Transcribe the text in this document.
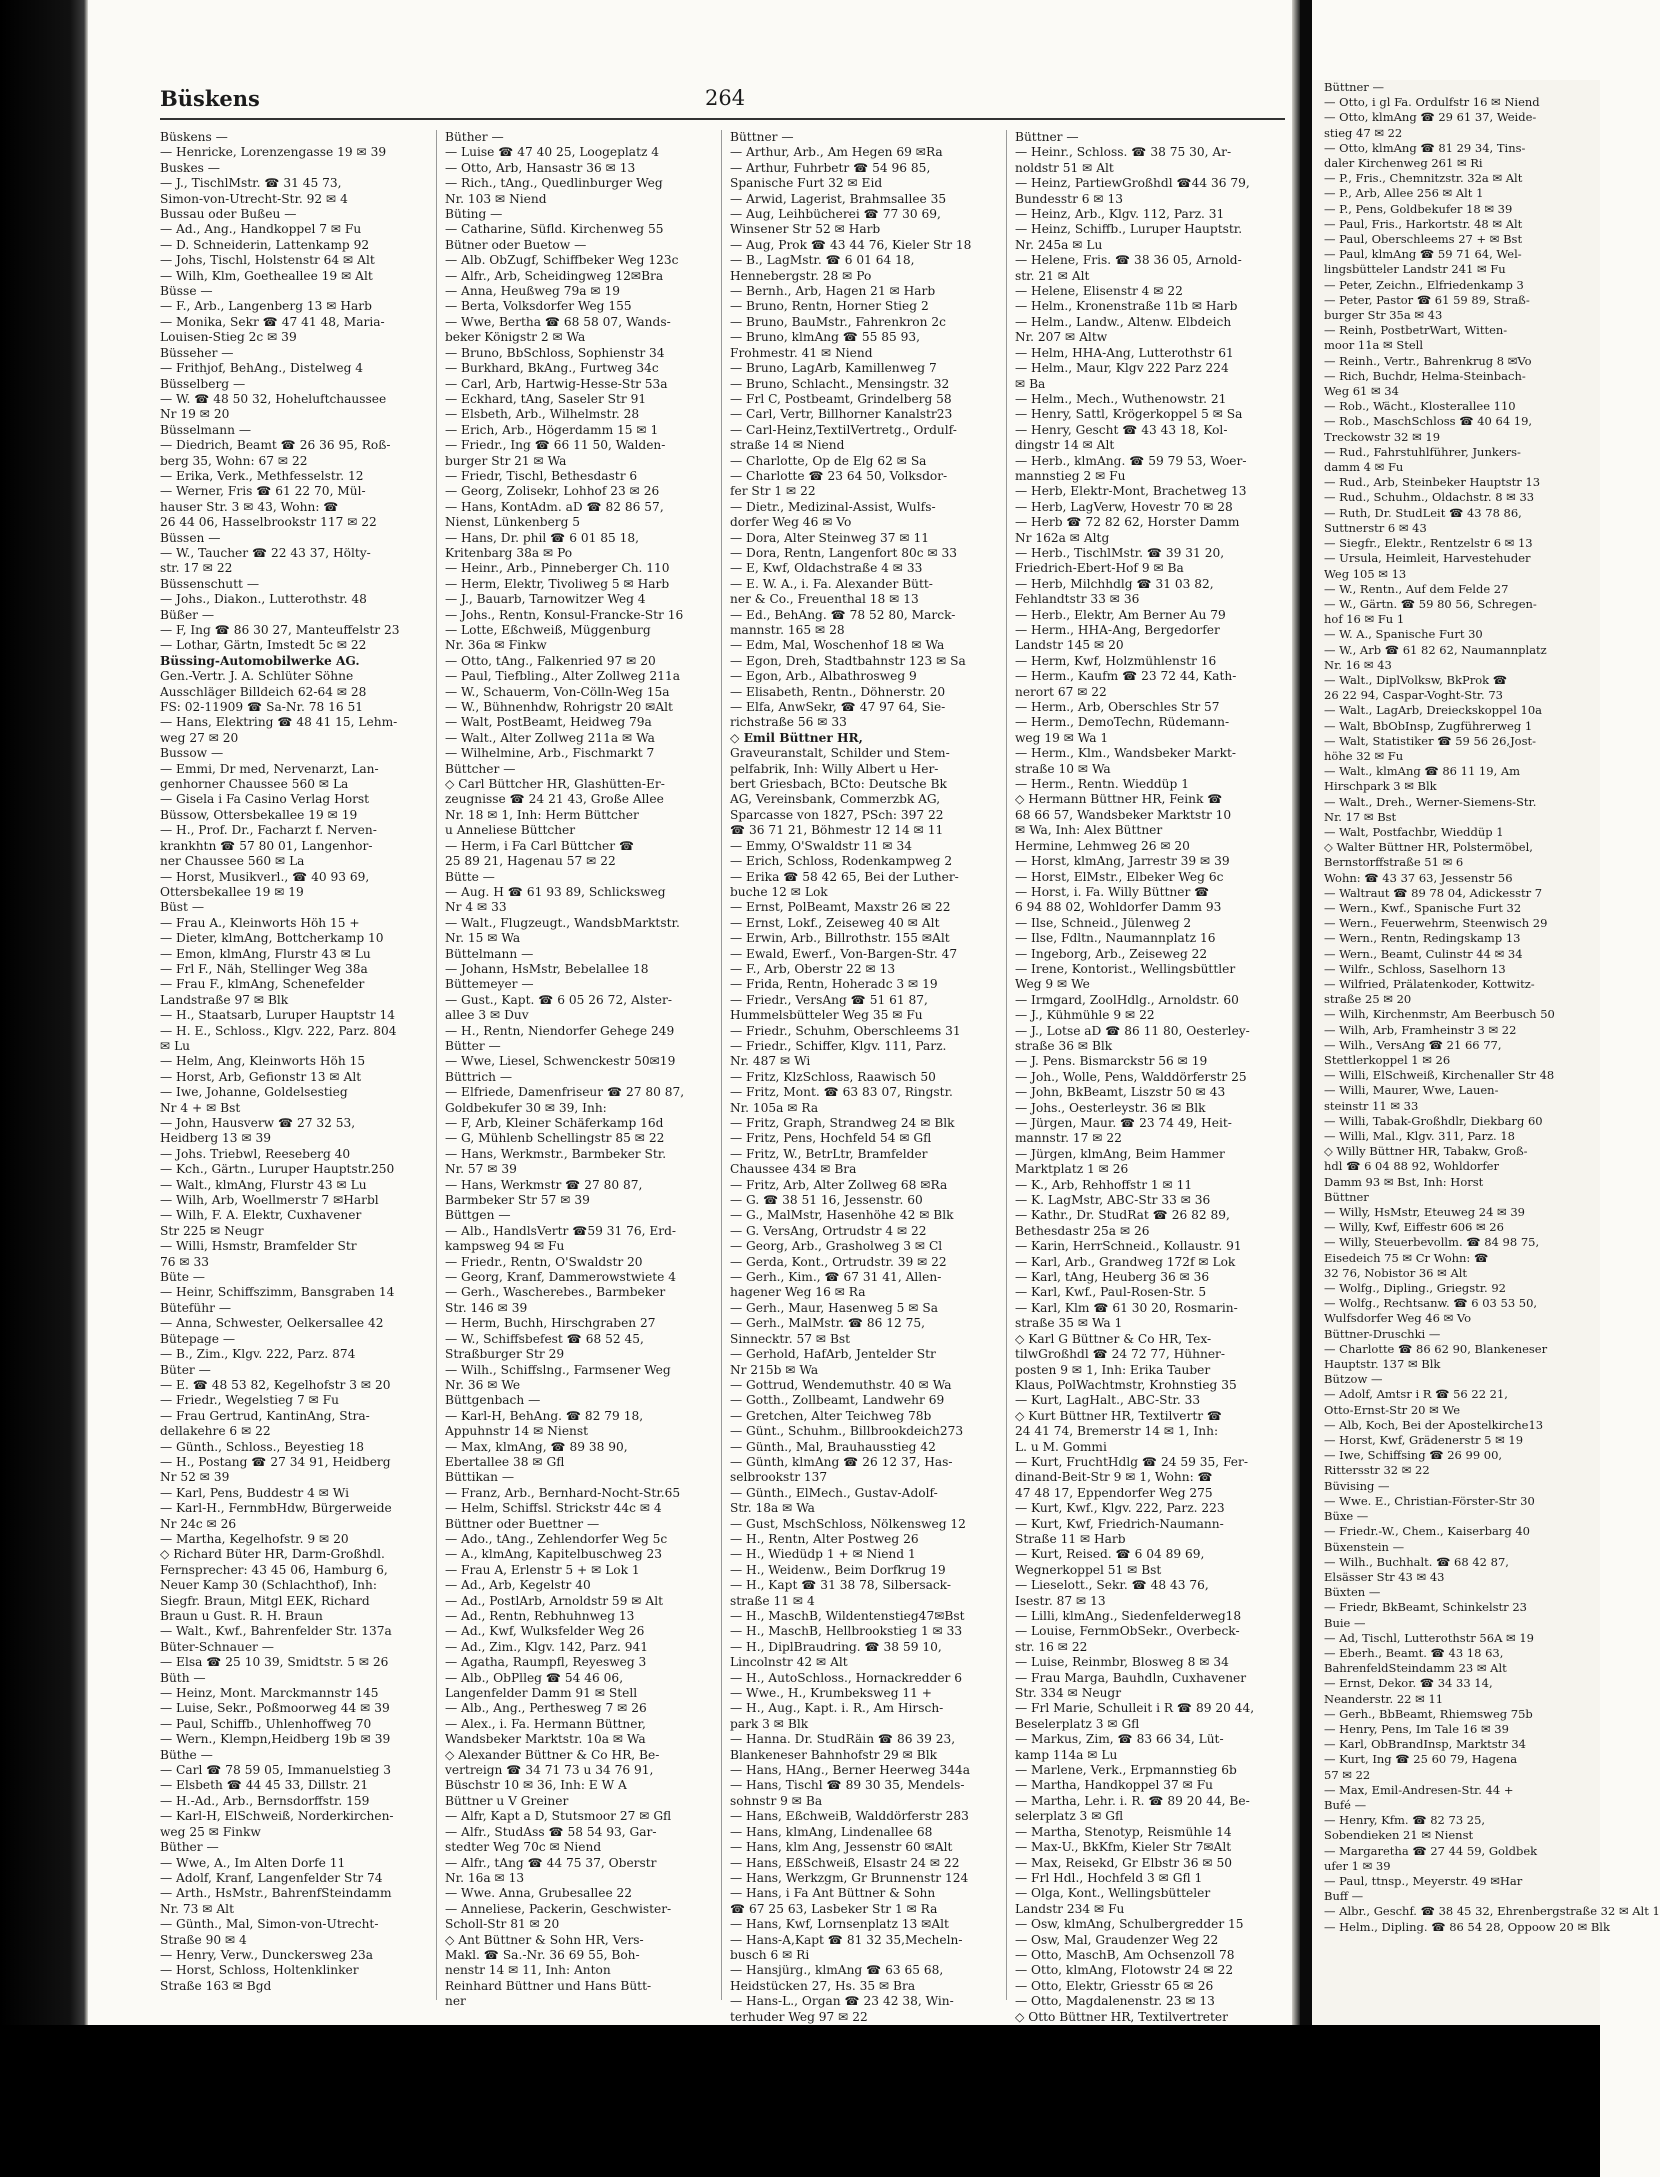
Büskens	264
Büskens —
— Henricke, Lorenzengasse 19 ✉ 39
Buskes —
— J., TischlMstr. ☎ 31 45 73,
Simon-von-Utrecht-Str. 92 ✉ 4
Bussau oder Bußeu —
— Ad., Ang., Handkoppel 7 ✉ Fu
— D. Schneiderin, Lattenkamp 92
— Johs, Tischl, Holstenstr 64 ✉ Alt
— Wilh, Klm, Goetheallee 19 ✉ Alt
Büsse —
— F., Arb., Langenberg 13 ✉ Harb
— Monika, Sekr ☎ 47 41 48, Maria-
Louisen-Stieg 2c ✉ 39
Büsseher —
— Frithjof, BehAng., Distelweg 4
Büsselberg —
— W. ☎ 48 50 32, Hoheluftchaussee
Nr 19 ✉ 20
Büsselmann —
— Diedrich, Beamt ☎ 26 36 95, Roß-
berg 35, Wohn: 67 ✉ 22
— Erika, Verk., Methfesselstr. 12
— Werner, Fris ☎ 61 22 70, Mül-
hauser Str. 3 ✉ 43, Wohn: ☎
26 44 06, Hasselbrookstr 117 ✉ 22
Büssen —
— W., Taucher ☎ 22 43 37, Hölty-
str. 17 ✉ 22
Büssenschutt —
— Johs., Diakon., Lutterothstr. 48
Büßer —
— F, Ing ☎ 86 30 27, Manteuffelstr 23
— Lothar, Gärtn, Imstedt 5c ✉ 22
Büssing-Automobilwerke AG.
Gen.-Vertr. J. A. Schlüter Söhne
Ausschläger Billdeich 62-64 ✉ 28
FS: 02-11909 ☎ Sa-Nr. 78 16 51
— Hans, Elektring ☎ 48 41 15, Lehm-
weg 27 ✉ 20
Bussow —
— Emmi, Dr med, Nervenarzt, Lan-
genhorner Chaussee 560 ✉ La
— Gisela i Fa Casino Verlag Horst
Büssow, Ottersbekallee 19 ✉ 19
— H., Prof. Dr., Facharzt f. Nerven-
krankhtn ☎ 57 80 01, Langenhor-
ner Chaussee 560 ✉ La
— Horst, Musikverl., ☎ 40 93 69,
Ottersbekallee 19 ✉ 19
Büst —
— Frau A., Kleinworts Höh 15 +
— Dieter, klmAng, Bottcherkamp 10
— Emon, klmAng, Flurstr 43 ✉ Lu
— Frl F., Näh, Stellinger Weg 38a
— Frau F., klmAng, Schenefelder
Landstraße 97 ✉ Blk
— H., Staatsarb, Luruper Hauptstr 14
— H. E., Schloss., Klgv. 222, Parz. 804
✉ Lu
— Helm, Ang, Kleinworts Höh 15
— Horst, Arb, Gefionstr 13 ✉ Alt
— Iwe, Johanne, Goldelsestieg
Nr 4 + ✉ Bst
— John, Hausverw ☎ 27 32 53,
Heidberg 13 ✉ 39
— Johs. Triebwl, Reeseberg 40
— Kch., Gärtn., Luruper Hauptstr.250
— Walt., klmAng, Flurstr 43 ✉ Lu
— Wilh, Arb, Woellmerstr 7 ✉Harbl
— Wilh, F. A. Elektr, Cuxhavener
Str 225 ✉ Neugr
— Willi, Hsmstr, Bramfelder Str
76 ✉ 33
Büte —
— Heinr, Schiffszimm, Bansgraben 14
Büteführ —
— Anna, Schwester, Oelkersallee 42
Bütepage —
— B., Zim., Klgv. 222, Parz. 874
Büter —
— E. ☎ 48 53 82, Kegelhofstr 3 ✉ 20
— Friedr., Wegelstieg 7 ✉ Fu
— Frau Gertrud, KantinAng, Stra-
dellakehre 6 ✉ 22
— Günth., Schloss., Beyestieg 18
— H., Postang ☎ 27 34 91, Heidberg
Nr 52 ✉ 39
— Karl, Pens, Buddestr 4 ✉ Wi
— Karl-H., FernmbHdw, Bürgerweide
Nr 24c ✉ 26
— Martha, Kegelhofstr. 9 ✉ 20
◇ Richard Büter HR, Darm-Großhdl.
Fernsprecher: 43 45 06, Hamburg 6,
Neuer Kamp 30 (Schlachthof), Inh:
Siegfr. Braun, Mitgl EEK, Richard
Braun u Gust. R. H. Braun
— Walt., Kwf., Bahrenfelder Str. 137a
Büter-Schnauer —
— Elsa ☎ 25 10 39, Smidtstr. 5 ✉ 26
Büth —
— Heinz, Mont. Marckmannstr 145
— Luise, Sekr., Poßmoorweg 44 ✉ 39
— Paul, Schiffb., Uhlenhoffweg 70
— Wern., Klempn,Heidberg 19b ✉ 39
Büthe —
— Carl ☎ 78 59 05, Immanuelstieg 3
— Elsbeth ☎ 44 45 33, Dillstr. 21
— H.-Ad., Arb., Bernsdorffstr. 159
— Karl-H, ElSchweiß, Norderkirchen-
weg 25 ✉ Finkw
Büther —
— Wwe, A., Im Alten Dorfe 11
— Adolf, Kranf, Langenfelder Str 74
— Arth., HsMstr., BahrenfSteindamm
Nr. 73 ✉ Alt
— Günth., Mal, Simon-von-Utrecht-
Straße 90 ✉ 4
— Henry, Verw., Dunckersweg 23a
— Horst, Schloss, Holtenklinker
Straße 163 ✉ Bgd
Büther —
— Luise ☎ 47 40 25, Loogeplatz 4
— Otto, Arb, Hansastr 36 ✉ 13
— Rich., tAng., Quedlinburger Weg
Nr. 103 ✉ Niend
Büting —
— Catharine, Süfld. Kirchenweg 55
Bütner oder Buetow —
— Alb. ObZugf, Schiffbeker Weg 123c
— Alfr., Arb, Scheidingweg 12✉Bra
— Anna, Heußweg 79a ✉ 19
— Berta, Volksdorfer Weg 155
— Wwe, Bertha ☎ 68 58 07, Wands-
beker Königstr 2 ✉ Wa
— Bruno, BbSchloss, Sophienstr 34
— Burkhard, BkAng., Furtweg 34c
— Carl, Arb, Hartwig-Hesse-Str 53a
— Eckhard, tAng, Saseler Str 91
— Elsbeth, Arb., Wilhelmstr. 28
— Erich, Arb., Högerdamm 15 ✉ 1
— Friedr., Ing ☎ 66 11 50, Walden-
burger Str 21 ✉ Wa
— Friedr, Tischl, Bethesdastr 6
— Georg, Zolisekr, Lohhof 23 ✉ 26
— Hans, KontAdm. aD ☎ 82 86 57,
Nienst, Lünkenberg 5
— Hans, Dr. phil ☎ 6 01 85 18,
Kritenbarg 38a ✉ Po
— Heinr., Arb., Pinneberger Ch. 110
— Herm, Elektr, Tivoliweg 5 ✉ Harb
— J., Bauarb, Tarnowitzer Weg 4
— Johs., Rentn, Konsul-Francke-Str 16
— Lotte, Eßchweiß, Müggenburg
Nr. 36a ✉ Finkw
— Otto, tAng., Falkenried 97 ✉ 20
— Paul, Tiefbling., Alter Zollweg 211a
— W., Schauerm, Von-Cölln-Weg 15a
— W., Bühnenhdw, Rohrigstr 20 ✉Alt
— Walt, PostBeamt, Heidweg 79a
— Walt., Alter Zollweg 211a ✉ Wa
— Wilhelmine, Arb., Fischmarkt 7
Büttcher —
◇ Carl Büttcher HR, Glashütten-Er-
zeugnisse ☎ 24 21 43, Große Allee
Nr. 18 ✉ 1, Inh: Herm Büttcher
u Anneliese Büttcher
— Herm, i Fa Carl Büttcher ☎
25 89 21, Hagenau 57 ✉ 22
Bütte —
— Aug. H ☎ 61 93 89, Schlicksweg
Nr 4 ✉ 33
— Walt., Flugzeugt., WandsbMarktstr.
Nr. 15 ✉ Wa
Büttelmann —
— Johann, HsMstr, Bebelallee 18
Büttemeyer —
— Gust., Kapt. ☎ 6 05 26 72, Alster-
allee 3 ✉ Duv
— H., Rentn, Niendorfer Gehege 249
Bütter —
— Wwe, Liesel, Schwenckestr 50✉19
Büttrich —
— Elfriede, Damenfriseur ☎ 27 80 87,
Goldbekufer 30 ✉ 39, Inh:
— F, Arb, Kleiner Schäferkamp 16d
— G, Mühlenb Schellingstr 85 ✉ 22
— Hans, Werkmstr., Barmbeker Str.
Nr. 57 ✉ 39
— Hans, Werkmstr ☎ 27 80 87,
Barmbeker Str 57 ✉ 39
Büttgen —
— Alb., HandlsVertr ☎59 31 76, Erd-
kampsweg 94 ✉ Fu
— Friedr., Rentn, O'Swaldstr 20
— Georg, Kranf, Dammerowstwiete 4
— Gerh., Wascherebes., Barmbeker
Str. 146 ✉ 39
— Herm, Buchh, Hirschgraben 27
— W., Schiffsbefest ☎ 68 52 45,
Straßburger Str 29
— Wilh., Schiffslng., Farmsener Weg
Nr. 36 ✉ We
Büttgenbach —
— Karl-H, BehAng. ☎ 82 79 18,
Appuhnstr 14 ✉ Nienst
— Max, klmAng, ☎ 89 38 90,
Ebertallee 38 ✉ Gfl
Büttikan —
— Franz, Arb., Bernhard-Nocht-Str.65
— Helm, Schiffsl. Strickstr 44c ✉ 4
Büttner oder Buettner —
— Ado., tAng., Zehlendorfer Weg 5c
— A., klmAng, Kapitelbuschweg 23
— Frau A, Erlenstr 5 + ✉ Lok 1
— Ad., Arb, Kegelstr 40
— Ad., PostlArb, Arnoldstr 59 ✉ Alt
— Ad., Rentn, Rebhuhnweg 13
— Ad., Kwf, Wulksfelder Weg 26
— Ad., Zim., Klgv. 142, Parz. 941
— Agatha, Raumpfl, Reyesweg 3
— Alb., ObPlleg ☎ 54 46 06,
Langenfelder Damm 91 ✉ Stell
— Alb., Ang., Perthesweg 7 ✉ 26
— Alex., i. Fa. Hermann Büttner,
Wandsbeker Marktstr. 10a ✉ Wa
◇ Alexander Büttner & Co HR, Be-
vertreign ☎ 34 71 73 u 34 76 91,
Büschstr 10 ✉ 36, Inh: E W A
Büttner u V Greiner
— Alfr, Kapt a D, Stutsmoor 27 ✉ Gfl
— Alfr., StudAss ☎ 58 54 93, Gar-
stedter Weg 70c ✉ Niend
— Alfr., tAng ☎ 44 75 37, Oberstr
Nr. 16a ✉ 13
— Wwe. Anna, Grubesallee 22
— Anneliese, Packerin, Geschwister-
Scholl-Str 81 ✉ 20
◇ Ant Büttner & Sohn HR, Vers-
Makl. ☎ Sa.-Nr. 36 69 55, Boh-
nenstr 14 ✉ 11, Inh: Anton
Reinhard Büttner und Hans Bütt-
ner
Büttner —
— Arthur, Arb., Am Hegen 69 ✉Ra
— Arthur, Fuhrbetr ☎ 54 96 85,
Spanische Furt 32 ✉ Eid
— Arwid, Lagerist, Brahmsallee 35
— Aug, Leihbücherei ☎ 77 30 69,
Winsener Str 52 ✉ Harb
— Aug, Prok ☎ 43 44 76, Kieler Str 18
— B., LagMstr. ☎ 6 01 64 18,
Hennebergstr. 28 ✉ Po
— Bernh., Arb, Hagen 21 ✉ Harb
— Bruno, Rentn, Horner Stieg 2
— Bruno, BauMstr., Fahrenkron 2c
— Bruno, klmAng ☎ 55 85 93,
Frohmestr. 41 ✉ Niend
— Bruno, LagArb, Kamillenweg 7
— Bruno, Schlacht., Mensingstr. 32
— Frl C, Postbeamt, Grindelberg 58
— Carl, Vertr, Billhorner Kanalstr23
— Carl-Heinz,TextilVertretg., Ordulf-
straße 14 ✉ Niend
— Charlotte, Op de Elg 62 ✉ Sa
— Charlotte ☎ 23 64 50, Volksdor-
fer Str 1 ✉ 22
— Dietr., Medizinal-Assist, Wulfs-
dorfer Weg 46 ✉ Vo
— Dora, Alter Steinweg 37 ✉ 11
— Dora, Rentn, Langenfort 80c ✉ 33
— E, Kwf, Oldachstraße 4 ✉ 33
— E. W. A., i. Fa. Alexander Bütt-
ner & Co., Freuenthal 18 ✉ 13
— Ed., BehAng. ☎ 78 52 80, Marck-
mannstr. 165 ✉ 28
— Edm, Mal, Woschenhof 18 ✉ Wa
— Egon, Dreh, Stadtbahnstr 123 ✉ Sa
— Egon, Arb., Albathrosweg 9
— Elisabeth, Rentn., Döhnerstr. 20
— Elfa, AnwSekr, ☎ 47 97 64, Sie-
richstraße 56 ✉ 33
◇ Emil Büttner HR,
Graveuranstalt, Schilder und Stem-
pelfabrik, Inh: Willy Albert u Her-
bert Griesbach, BCto: Deutsche Bk
AG, Vereinsbank, Commerzbk AG,
Sparcasse von 1827, PSch: 397 22
☎ 36 71 21, Böhmestr 12 14 ✉ 11
— Emmy, O'Swaldstr 11 ✉ 34
— Erich, Schloss, Rodenkampweg 2
— Erika ☎ 58 42 65, Bei der Luther-
buche 12 ✉ Lok
— Ernst, PolBeamt, Maxstr 26 ✉ 22
— Ernst, Lokf., Zeiseweg 40 ✉ Alt
— Erwin, Arb., Billrothstr. 155 ✉Alt
— Ewald, Ewerf., Von-Bargen-Str. 47
— F., Arb, Oberstr 22 ✉ 13
— Frida, Rentn, Hoheradc 3 ✉ 19
— Friedr., VersAng ☎ 51 61 87,
Hummelsbütteler Weg 35 ✉ Fu
— Friedr., Schuhm, Oberschleems 31
— Friedr., Schiffer, Klgv. 111, Parz.
Nr. 487 ✉ Wi
— Fritz, KlzSchloss, Raawisch 50
— Fritz, Mont. ☎ 63 83 07, Ringstr.
Nr. 105a ✉ Ra
— Fritz, Graph, Strandweg 24 ✉ Blk
— Fritz, Pens, Hochfeld 54 ✉ Gfl
— Fritz, W., BetrLtr, Bramfelder
Chaussee 434 ✉ Bra
— Fritz, Arb, Alter Zollweg 68 ✉Ra
— G. ☎ 38 51 16, Jessenstr. 60
— G., MalMstr, Hasenhöhe 42 ✉ Blk
— G. VersAng, Ortrudstr 4 ✉ 22
— Georg, Arb., Grasholweg 3 ✉ Cl
— Gerda, Kont., Ortrudstr. 39 ✉ 22
— Gerh., Kim., ☎ 67 31 41, Allen-
hagener Weg 16 ✉ Ra
— Gerh., Maur, Hasenweg 5 ✉ Sa
— Gerh., MalMstr. ☎ 86 12 75,
Sinnecktr. 57 ✉ Bst
— Gerhold, HafArb, Jentelder Str
Nr 215b ✉ Wa
— Gottrud, Wendemuthstr. 40 ✉ Wa
— Gotth., Zollbeamt, Landwehr 69
— Gretchen, Alter Teichweg 78b
— Günt., Schuhm., Billbrookdeich273
— Günth., Mal, Brauhausstieg 42
— Günth, klmAng ☎ 26 12 37, Has-
selbrookstr 137
— Günth., ElMech., Gustav-Adolf-
Str. 18a ✉ Wa
— Gust, MschSchloss, Nölkensweg 12
— H., Rentn, Alter Postweg 26
— H., Wiedüdp 1 + ✉ Niend 1
— H., Weidenw., Beim Dorfkrug 19
— H., Kapt ☎ 31 38 78, Silbersack-
straße 11 ✉ 4
— H., MaschB, Wildentenstieg47✉Bst
— H., MaschB, Hellbrookstieg 1 ✉ 33
— H., DiplBraudring. ☎ 38 59 10,
Lincolnstr 42 ✉ Alt
— H., AutoSchloss., Hornackredder 6
— Wwe., H., Krumbeksweg 11 +
— H., Aug., Kapt. i. R., Am Hirsch-
park 3 ✉ Blk
— Hanna. Dr. StudRäin ☎ 86 39 23,
Blankeneser Bahnhofstr 29 ✉ Blk
— Hans, HAng., Berner Heerweg 344a
— Hans, Tischl ☎ 89 30 35, Mendels-
sohnstr 9 ✉ Ba
— Hans, EßchweiB, Walddörferstr 283
— Hans, klmAng, Lindenallee 68
— Hans, klm Ang, Jessenstr 60 ✉Alt
— Hans, EßSchweiß, Elsastr 24 ✉ 22
— Hans, Werkzgm, Gr Brunnenstr 124
— Hans, i Fa Ant Büttner & Sohn
☎ 67 25 63, Lasbeker Str 1 ✉ Ra
— Hans, Kwf, Lornsenplatz 13 ✉Alt
— Hans-A,Kapt ☎ 81 32 35,Mecheln-
busch 6 ✉ Ri
— Hansjürg., klmAng ☎ 63 65 68,
Heidstücken 27, Hs. 35 ✉ Bra
— Hans-L., Organ ☎ 23 42 38, Win-
terhuder Weg 97 ✉ 22
Büttner —
— Heinr., Schloss. ☎ 38 75 30, Ar-
noldstr 51 ✉ Alt
— Heinz, PartiewGroßhdl ☎44 36 79,
Bundesstr 6 ✉ 13
— Heinz, Arb., Klgv. 112, Parz. 31
— Heinz, Schiffb., Luruper Hauptstr.
Nr. 245a ✉ Lu
— Helene, Fris. ☎ 38 36 05, Arnold-
str. 21 ✉ Alt
— Helene, Elisenstr 4 ✉ 22
— Helm., Kronenstraße 11b ✉ Harb
— Helm., Landw., Altenw. Elbdeich
Nr. 207 ✉ Altw
— Helm, HHA-Ang, Lutterothstr 61
— Helm., Maur, Klgv 222 Parz 224
✉ Ba
— Helm., Mech., Wuthenowstr. 21
— Henry, Sattl, Krögerkoppel 5 ✉ Sa
— Henry, Gescht ☎ 43 43 18, Kol-
dingstr 14 ✉ Alt
— Herb., klmAng. ☎ 59 79 53, Woer-
mannstieg 2 ✉ Fu
— Herb, Elektr-Mont, Brachetweg 13
— Herb, LagVerw, Hovestr 70 ✉ 28
— Herb ☎ 72 82 62, Horster Damm
Nr 162a ✉ Altg
— Herb., TischlMstr. ☎ 39 31 20,
Friedrich-Ebert-Hof 9 ✉ Ba
— Herb, Milchhdlg ☎ 31 03 82,
Fehlandtstr 33 ✉ 36
— Herb., Elektr, Am Berner Au 79
— Herm., HHA-Ang, Bergedorfer
Landstr 145 ✉ 20
— Herm, Kwf, Holzmühlenstr 16
— Herm., Kaufm ☎ 23 72 44, Kath-
nerort 67 ✉ 22
— Herm., Arb, Oberschles Str 57
— Herm., DemoTechn, Rüdemann-
weg 19 ✉ Wa 1
— Herm., Klm., Wandsbeker Markt-
straße 10 ✉ Wa
— Herm., Rentn. Wieddüp 1
◇ Hermann Büttner HR, Feink ☎
68 66 57, Wandsbeker Marktstr 10
✉ Wa, Inh: Alex Büttner
Hermine, Lehmweg 26 ✉ 20
— Horst, klmAng, Jarrestr 39 ✉ 39
— Horst, ElMstr., Elbeker Weg 6c
— Horst, i. Fa. Willy Büttner ☎
6 94 88 02, Wohldorfer Damm 93
— Ilse, Schneid., Jülenweg 2
— Ilse, Fdltn., Naumannplatz 16
— Ingeborg, Arb., Zeiseweg 22
— Irene, Kontorist., Wellingsbüttler
Weg 9 ✉ We
— Irmgard, ZoolHdlg., Arnoldstr. 60
— J., Kühmühle 9 ✉ 22
— J., Lotse aD ☎ 86 11 80, Oesterley-
straße 36 ✉ Blk
— J. Pens. Bismarckstr 56 ✉ 19
— Joh., Wolle, Pens, Walddörferstr 25
— John, BkBeamt, Liszstr 50 ✉ 43
— Johs., Oesterleystr. 36 ✉ Blk
— Jürgen, Maur. ☎ 23 74 49, Heit-
mannstr. 17 ✉ 22
— Jürgen, klmAng, Beim Hammer
Marktplatz 1 ✉ 26
— K., Arb, Rehhoffstr 1 ✉ 11
— K. LagMstr, ABC-Str 33 ✉ 36
— Kathr., Dr. StudRat ☎ 26 82 89,
Bethesdastr 25a ✉ 26
— Karin, HerrSchneid., Kollaustr. 91
— Karl, Arb., Grandweg 172f ✉ Lok
— Karl, tAng, Heuberg 36 ✉ 36
— Karl, Kwf., Paul-Rosen-Str. 5
— Karl, Klm ☎ 61 30 20, Rosmarin-
straße 35 ✉ Wa 1
◇ Karl G Büttner & Co HR, Tex-
tilwGroßhdl ☎ 24 72 77, Hühner-
posten 9 ✉ 1, Inh: Erika Tauber
Klaus, PolWachtmstr, Krohnstieg 35
— Kurt, LagHalt., ABC-Str. 33
◇ Kurt Büttner HR, Textilvertr ☎
24 41 74, Bremerstr 14 ✉ 1, Inh:
L. u M. Gommi
— Kurt, FruchtHdlg ☎ 24 59 35, Fer-
dinand-Beit-Str 9 ✉ 1, Wohn: ☎
47 48 17, Eppendorfer Weg 275
— Kurt, Kwf., Klgv. 222, Parz. 223
— Kurt, Kwf, Friedrich-Naumann-
Straße 11 ✉ Harb
— Kurt, Reised. ☎ 6 04 89 69,
Wegnerkoppel 51 ✉ Bst
— Lieselott., Sekr. ☎ 48 43 76,
Isestr. 87 ✉ 13
— Lilli, klmAng., Siedenfelderweg18
— Louise, FernmObSekr., Overbeck-
str. 16 ✉ 22
— Luise, Reinmbr, Blosweg 8 ✉ 34
— Frau Marga, Bauhdln, Cuxhavener
Str. 334 ✉ Neugr
— Frl Marie, Schulleit i R ☎ 89 20 44,
Beselerplatz 3 ✉ Gfl
— Markus, Zim, ☎ 83 66 34, Lüt-
kamp 114a ✉ Lu
— Marlene, Verk., Erpmannstieg 6b
— Martha, Handkoppel 37 ✉ Fu
— Martha, Lehr. i. R. ☎ 89 20 44, Be-
selerplatz 3 ✉ Gfl
— Martha, Stenotyp, Reismühle 14
— Max-U., BkKfm, Kieler Str 7✉Alt
— Max, Reisekd, Gr Elbstr 36 ✉ 50
— Frl Hdl., Hochfeld 3 ✉ Gfl 1
— Olga, Kont., Wellingsbütteler
Landstr 234 ✉ Fu
— Osw, klmAng, Schulbergredder 15
— Osw, Mal, Graudenzer Weg 22
— Otto, MaschB, Am Ochsenzoll 78
— Otto, klmAng, Flotowstr 24 ✉ 22
— Otto, Elektr, Griesstr 65 ✉ 26
— Otto, Magdalenenstr. 23 ✉ 13
◇ Otto Büttner HR, Textilvertreter
Büttner —
— Otto, i gl Fa. Ordulfstr 16 ✉ Niend
— Otto, klmAng ☎ 29 61 37, Weide-
stieg 47 ✉ 22
— Otto, klmAng ☎ 81 29 34, Tins-
daler Kirchenweg 261 ✉ Ri
— P., Fris., Chemnitzstr. 32a ✉ Alt
— P., Arb, Allee 256 ✉ Alt 1
— P., Pens, Goldbekufer 18 ✉ 39
— Paul, Fris., Harkortstr. 48 ✉ Alt
— Paul, Oberschleems 27 + ✉ Bst
— Paul, klmAng ☎ 59 71 64, Wel-
lingsbütteler Landstr 241 ✉ Fu
— Peter, Zeichn., Elfriedenkamp 3
— Peter, Pastor ☎ 61 59 89, Straß-
burger Str 35a ✉ 43
— Reinh, PostbetrWart, Witten-
moor 11a ✉ Stell
— Reinh., Vertr., Bahrenkrug 8 ✉Vo
— Rich, Buchdr, Helma-Steinbach-
Weg 61 ✉ 34
— Rob., Wächt., Klosterallee 110
— Rob., MaschSchloss ☎ 40 64 19,
Treckowstr 32 ✉ 19
— Rud., Fahrstuhlführer, Junkers-
damm 4 ✉ Fu
— Rud., Arb, Steinbeker Hauptstr 13
— Rud., Schuhm., Oldachstr. 8 ✉ 33
— Ruth, Dr. StudLeit ☎ 43 78 86,
Suttnerstr 6 ✉ 43
— Siegfr., Elektr., Rentzelstr 6 ✉ 13
— Ursula, Heimleit, Harvestehuder
Weg 105 ✉ 13
— W., Rentn., Auf dem Felde 27
— W., Gärtn. ☎ 59 80 56, Schregen-
hof 16 ✉ Fu 1
— W. A., Spanische Furt 30
— W., Arb ☎ 61 82 62, Naumannplatz
Nr. 16 ✉ 43
— Walt., DiplVolksw, BkProk ☎
26 22 94, Caspar-Voght-Str. 73
— Walt., LagArb, Dreieckskoppel 10a
— Walt, BbObInsp, Zugführerweg 1
— Walt, Statistiker ☎ 59 56 26,Jost-
höhe 32 ✉ Fu
— Walt., klmAng ☎ 86 11 19, Am
Hirschpark 3 ✉ Blk
— Walt., Dreh., Werner-Siemens-Str.
Nr. 17 ✉ Bst
— Walt, Postfachbr, Wieddüp 1
◇ Walter Büttner HR, Polstermöbel,
Bernstorffstraße 51 ✉ 6
Wohn: ☎ 43 37 63, Jessenstr 56
— Waltraut ☎ 89 78 04, Adickesstr 7
— Wern., Kwf., Spanische Furt 32
— Wern., Feuerwehrm, Steenwisch 29
— Wern., Rentn, Redingskamp 13
— Wern., Beamt, Culinstr 44 ✉ 34
— Wilfr., Schloss, Saselhorn 13
— Wilfried, Prälatenkoder, Kottwitz-
straße 25 ✉ 20
— Wilh, Kirchenmstr, Am Beerbusch 50
— Wilh, Arb, Framheinstr 3 ✉ 22
— Wilh., VersAng ☎ 21 66 77,
Stettlerkoppel 1 ✉ 26
— Willi, ElSchweiß, Kirchenaller Str 48
— Willi, Maurer, Wwe, Lauen-
steinstr 11 ✉ 33
— Willi, Tabak-Großhdlr, Diekbarg 60
— Willi, Mal., Klgv. 311, Parz. 18
◇ Willy Büttner HR, Tabakw, Groß-
hdl ☎ 6 04 88 92, Wohldorfer
Damm 93 ✉ Bst, Inh: Horst
Büttner
— Willy, HsMstr, Eteuweg 24 ✉ 39
— Willy, Kwf, Eiffestr 606 ✉ 26
— Willy, Steuerbevollm. ☎ 84 98 75,
Eisedeich 75 ✉ Cr Wohn: ☎
32 76, Nobistor 36 ✉ Alt
— Wolfg., Dipling., Griegstr. 92
— Wolfg., Rechtsanw. ☎ 6 03 53 50,
Wulfsdorfer Weg 46 ✉ Vo
Büttner-Druschki —
— Charlotte ☎ 86 62 90, Blankeneser
Hauptstr. 137 ✉ Blk
Bützow —
— Adolf, Amtsr i R ☎ 56 22 21,
Otto-Ernst-Str 20 ✉ We
— Alb, Koch, Bei der Apostelkirche13
— Horst, Kwf, Grädenerstr 5 ✉ 19
— Iwe, Schiffsing ☎ 26 99 00,
Rittersstr 32 ✉ 22
Büvising —
— Wwe. E., Christian-Förster-Str 30
Büxe —
— Friedr.-W., Chem., Kaiserbarg 40
Büxenstein —
— Wilh., Buchhalt. ☎ 68 42 87,
Elsässer Str 43 ✉ 43
Büxten —
— Friedr, BkBeamt, Schinkelstr 23
Buie —
— Ad, Tischl, Lutterothstr 56A ✉ 19
— Eberh., Beamt. ☎ 43 18 63,
BahrenfeldSteindamm 23 ✉ Alt
— Ernst, Dekor. ☎ 34 33 14,
Neanderstr. 22 ✉ 11
— Gerh., BbBeamt, Rhiemsweg 75b
— Henry, Pens, Im Tale 16 ✉ 39
— Karl, ObBrandInsp, Marktstr 34
— Kurt, Ing ☎ 25 60 79, Hagena
57 ✉ 22
— Max, Emil-Andresen-Str. 44 +
Bufé —
— Henry, Kfm. ☎ 82 73 25,
Sobendieken 21 ✉ Nienst
— Margaretha ☎ 27 44 59, Goldbek
ufer 1 ✉ 39
— Paul, ttnsp., Meyerstr. 49 ✉Har
Buff —
— Albr., Geschf. ☎ 38 45 32, Ehrenbergstraße 32 ✉ Alt 1
— Helm., Dipling. ☎ 86 54 28, Oppoow 20 ✉ Blk
